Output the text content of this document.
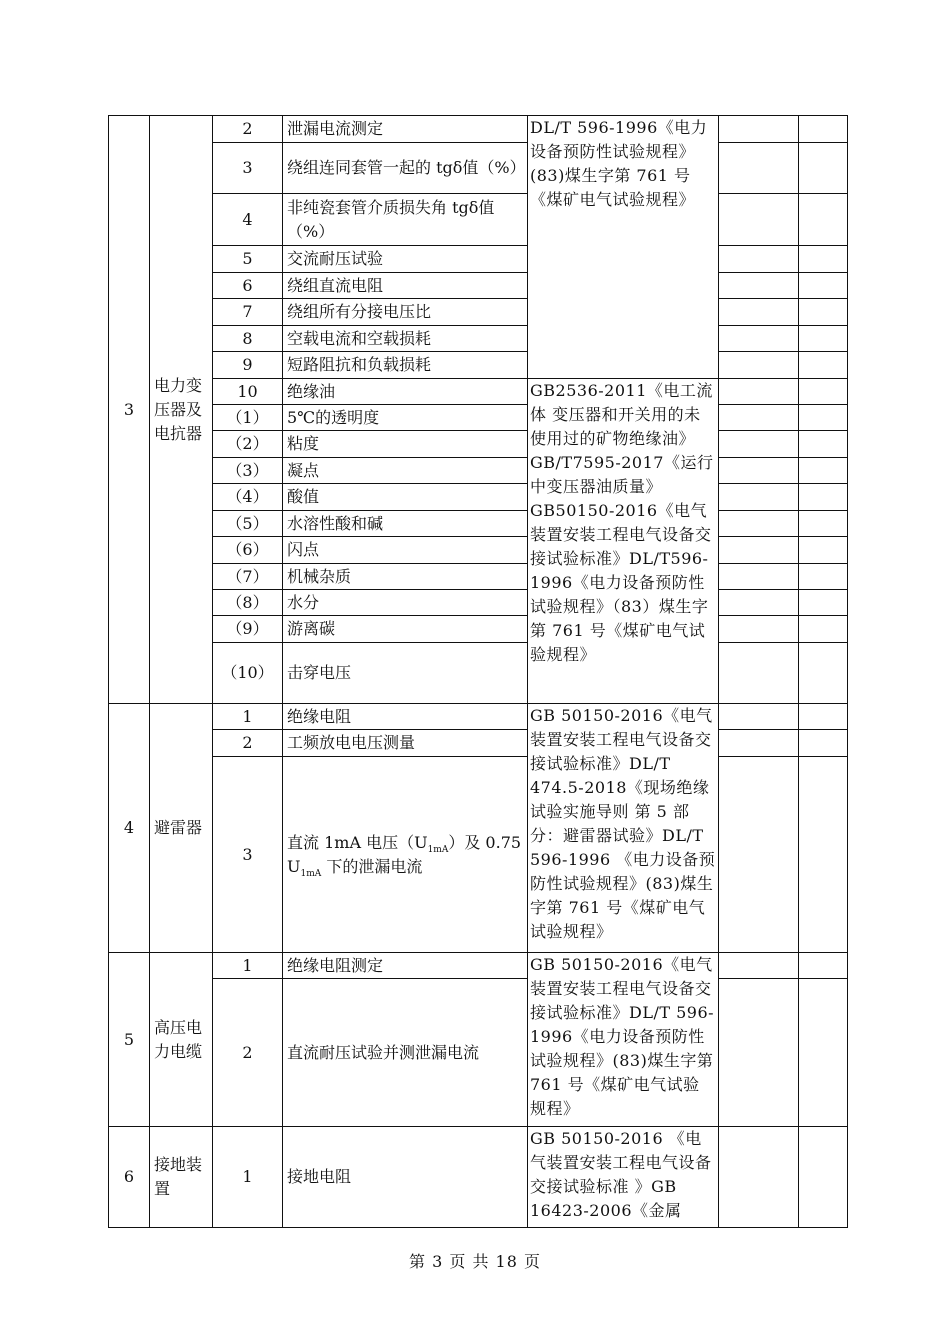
3	电力变压器及电抗器	2	泄漏电流测定	DL/T 596-1996《电力设备预防性试验规程》(83)煤生字第 761 号《煤矿电气试验规程》		
		3	绕组连同套管一起的 tgδ值（%）			
		4	非纯瓷套管介质损失角 tgδ值（%）			
		5	交流耐压试验			
		6	绕组直流电阻			
		7	绕组所有分接电压比			
		8	空载电流和空载损耗			
		9	短路阻抗和负载损耗			
		10	绝缘油	GB2536-2011《电工流体 变压器和开关用的未使用过的矿物绝缘油》GB/T7595-2017《运行中变压器油质量》GB50150-2016《电气装置安装工程电气设备交接试验标准》DL/T596-1996《电力设备预防性试验规程》（83）煤生字第 761 号《煤矿电气试验规程》		
		（1）	5℃的透明度			
		（2）	粘度			
		（3）	凝点			
		（4）	酸值			
		（5）	水溶性酸和碱			
		（6）	闪点			
		（7）	机械杂质			
		（8）	水分			
		（9）	游离碳			
		（10）	击穿电压			
4	避雷器	1	绝缘电阻	GB 50150-2016《电气装置安装工程电气设备交接试验标准》DL/T 474.5-2018《现场绝缘试验实施导则 第 5 部分：避雷器试验》DL/T 596-1996 《电力设备预防性试验规程》(83)煤生字第 761 号《煤矿电气试验规程》		
		2	工频放电电压测量			
		3	直流 1mA 电压$(U_{1mA})$及 0.75 $U_{1mA}$ 下的泄漏电流			
5	高压电力电缆	1	绝缘电阻测定	GB 50150-2016《电气装置安装工程电气设备交接试验标准》DL/T 596-1996《电力设备预防性试验规程》(83)煤生字第 761 号《煤矿电气试验规程》		
		2	直流耐压试验并测泄漏电流			
6	接地装置	1	接地电阻	GB 50150-2016 《电气装置安装工程电气设备交接试验标准 》GB 16423-2006《金属		
第 3 页 共 18 页
